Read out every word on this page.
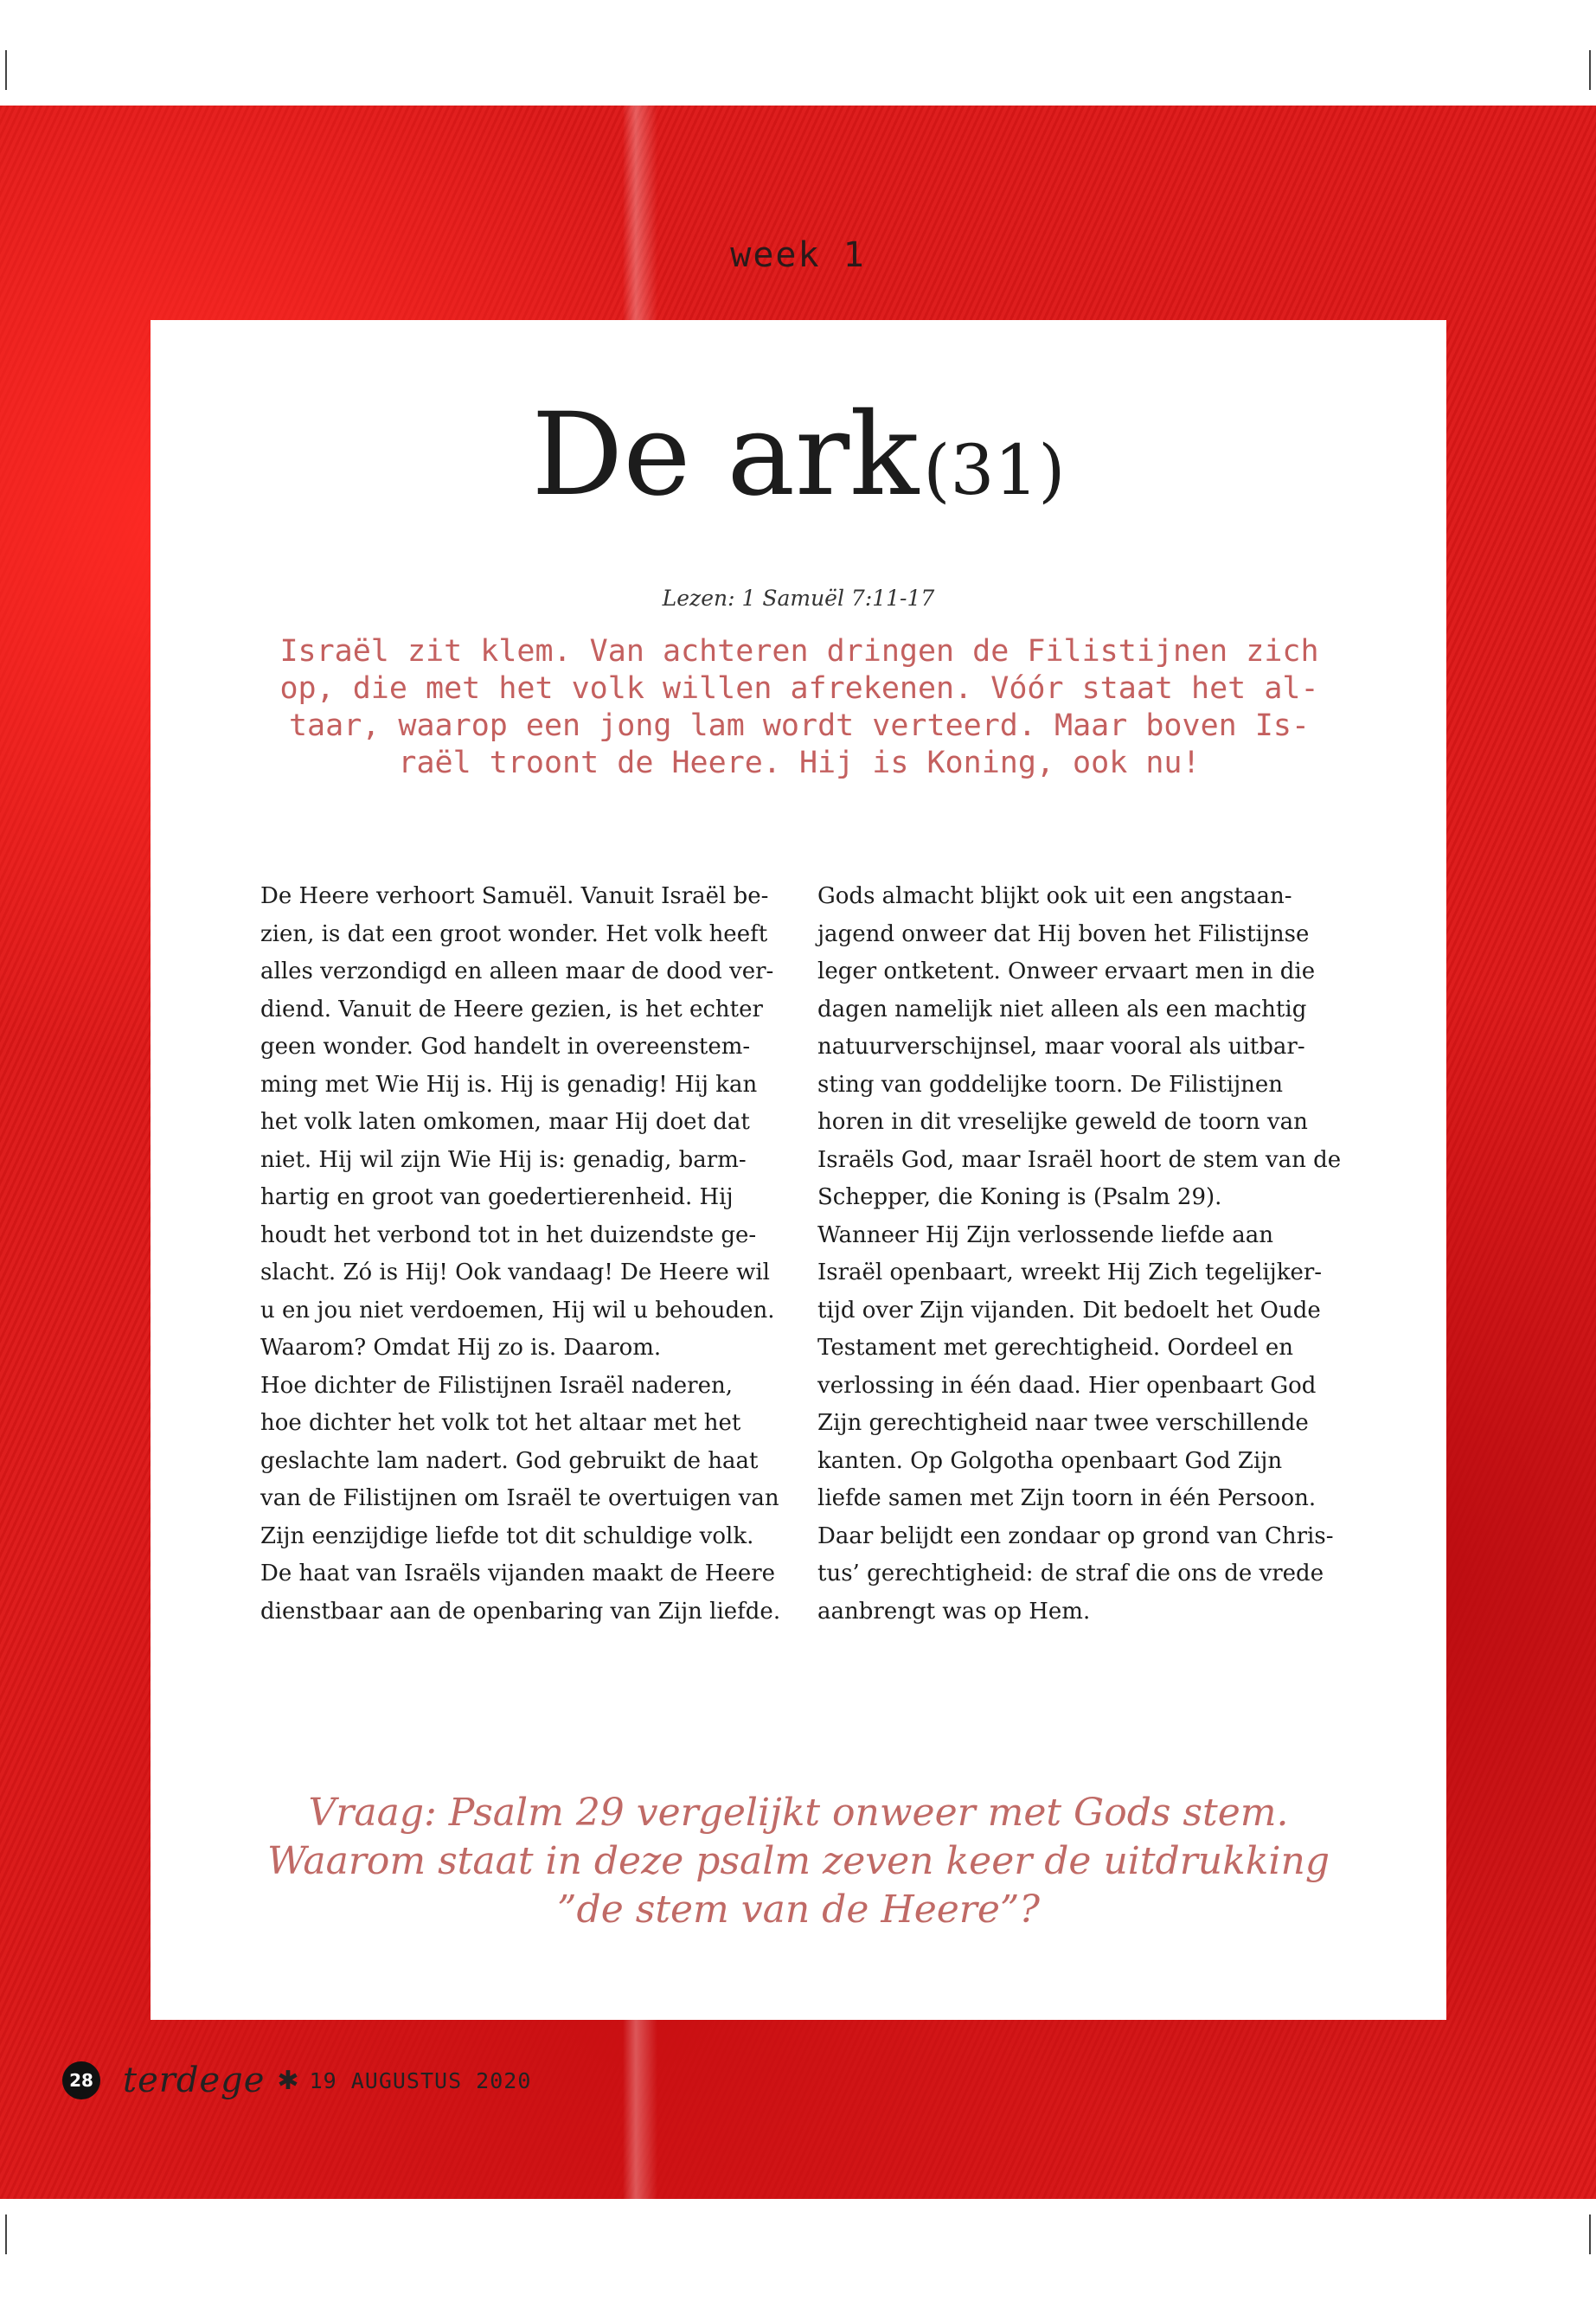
week 1
De ark (31)
Lezen: 1 Samuël 7:11-17
Israël zit klem. Van achteren dringen de Filistijnen zich
op, die met het volk willen afrekenen. Vóór staat het al-
taar, waarop een jong lam wordt verteerd. Maar boven Is-
raël troont de Heere. Hij is Koning, ook nu!
De Heere verhoort Samuël. Vanuit Israël be-
zien, is dat een groot wonder. Het volk heeft
alles verzondigd en alleen maar de dood ver-
diend. Vanuit de Heere gezien, is het echter
geen wonder. God handelt in overeenstem-
ming met Wie Hij is. Hij is genadig! Hij kan
het volk laten omkomen, maar Hij doet dat
niet. Hij wil zijn Wie Hij is: genadig, barm-
hartig en groot van goedertierenheid. Hij
houdt het verbond tot in het duizendste ge-
slacht. Zó is Hij! Ook vandaag! De Heere wil
u en jou niet verdoemen, Hij wil u behouden.
Waarom? Omdat Hij zo is. Daarom.
Hoe dichter de Filistijnen Israël naderen,
hoe dichter het volk tot het altaar met het
geslachte lam nadert. God gebruikt de haat
van de Filistijnen om Israël te overtuigen van
Zijn eenzijdige liefde tot dit schuldige volk.
De haat van Israëls vijanden maakt de Heere
dienstbaar aan de openbaring van Zijn liefde.
Gods almacht blijkt ook uit een angstaan-
jagend onweer dat Hij boven het Filistijnse
leger ontketent. Onweer ervaart men in die
dagen namelijk niet alleen als een machtig
natuurverschijnsel, maar vooral als uitbar-
sting van goddelijke toorn. De Filistijnen
horen in dit vreselijke geweld de toorn van
Israëls God, maar Israël hoort de stem van de
Schepper, die Koning is (Psalm 29).
Wanneer Hij Zijn verlossende liefde aan
Israël openbaart, wreekt Hij Zich tegelijker-
tijd over Zijn vijanden. Dit bedoelt het Oude
Testament met gerechtigheid. Oordeel en
verlossing in één daad. Hier openbaart God
Zijn gerechtigheid naar twee verschillende
kanten. Op Golgotha openbaart God Zijn
liefde samen met Zijn toorn in één Persoon.
Daar belijdt een zondaar op grond van Chris-
tus’ gerechtigheid: de straf die ons de vrede
aanbrengt was op Hem.
Vraag: Psalm 29 vergelijkt onweer met Gods stem.
Waarom staat in deze psalm zeven keer de uitdrukking
”de stem van de Heere”?
28 terdege ✱ 19 AUGUSTUS 2020
